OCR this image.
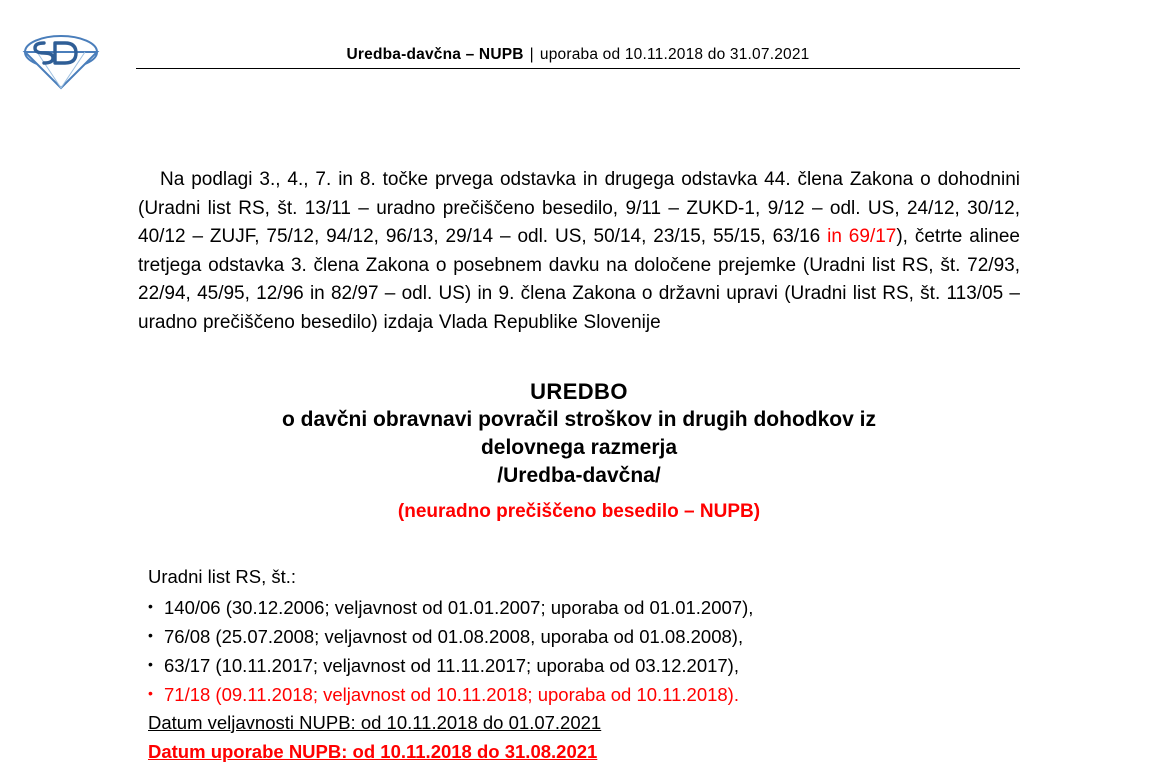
Uredba-davčna – NUPB | uporaba od 10.11.2018 do 31.07.2021
Na podlagi 3., 4., 7. in 8. točke prvega odstavka in drugega odstavka 44. člena Zakona o dohodnini (Uradni list RS, št. 13/11 – uradno prečiščeno besedilo, 9/11 – ZUKD-1, 9/12 – odl. US, 24/12, 30/12, 40/12 – ZUJF, 75/12, 94/12, 96/13, 29/14 – odl. US, 50/14, 23/15, 55/15, 63/16 in 69/17), četrte alinee tretjega odstavka 3. člena Zakona o posebnem davku na določene prejemke (Uradni list RS, št. 72/93, 22/94, 45/95, 12/96 in 82/97 – odl. US) in 9. člena Zakona o državni upravi (Uradni list RS, št. 113/05 – uradno prečiščeno besedilo) izdaja Vlada Republike Slovenije
UREDBO
o davčni obravnavi povračil stroškov in drugih dohodkov iz
delovnega razmerja
/Uredba-davčna/
(neuradno prečiščeno besedilo – NUPB)
Uradni list RS, št.:
• 140/06 (30.12.2006; veljavnost od 01.01.2007; uporaba od 01.01.2007),
• 76/08 (25.07.2008; veljavnost od 01.08.2008, uporaba od 01.08.2008),
• 63/17 (10.11.2017; veljavnost od 11.11.2017; uporaba od 03.12.2017),
• 71/18 (09.11.2018; veljavnost od 10.11.2018; uporaba od 10.11.2018).
Datum veljavnosti NUPB: od 10.11.2018 do 01.07.2021
Datum uporabe NUPB: od 10.11.2018 do 31.08.2021
